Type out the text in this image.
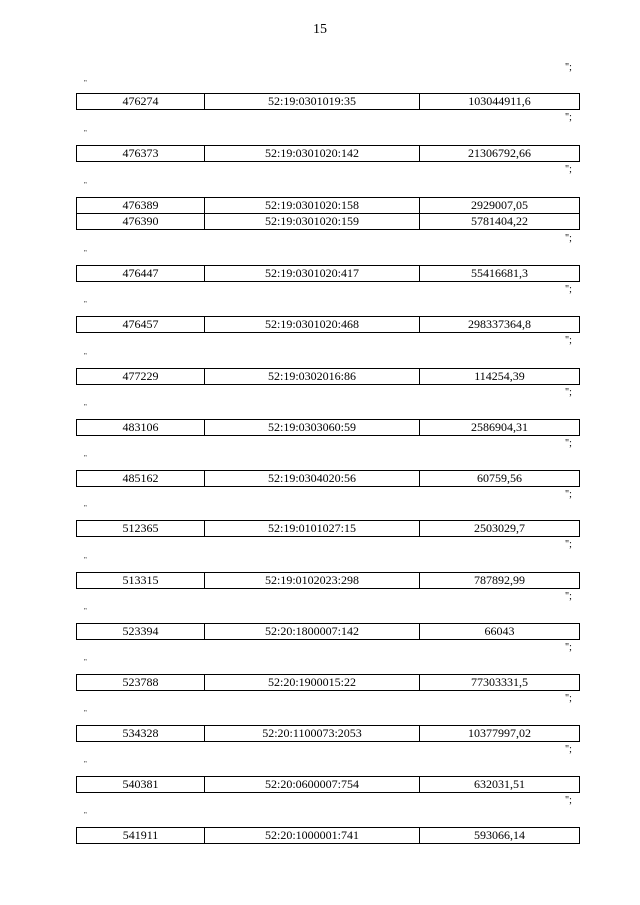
15
";
"
476274	52:19:0301019:35	103044911,6
";
"
476373	52:19:0301020:142	21306792,66
";
"
476389	52:19:0301020:158	2929007,05
476390	52:19:0301020:159	5781404,22
";
"
476447	52:19:0301020:417	55416681,3
";
"
476457	52:19:0301020:468	298337364,8
";
"
477229	52:19:0302016:86	114254,39
";
"
483106	52:19:0303060:59	2586904,31
";
"
485162	52:19:0304020:56	60759,56
";
"
512365	52:19:0101027:15	2503029,7
";
"
513315	52:19:0102023:298	787892,99
";
"
523394	52:20:1800007:142	66043
";
"
523788	52:20:1900015:22	77303331,5
";
"
534328	52:20:1100073:2053	10377997,02
";
"
540381	52:20:0600007:754	632031,51
";
"
541911	52:20:1000001:741	593066,14
